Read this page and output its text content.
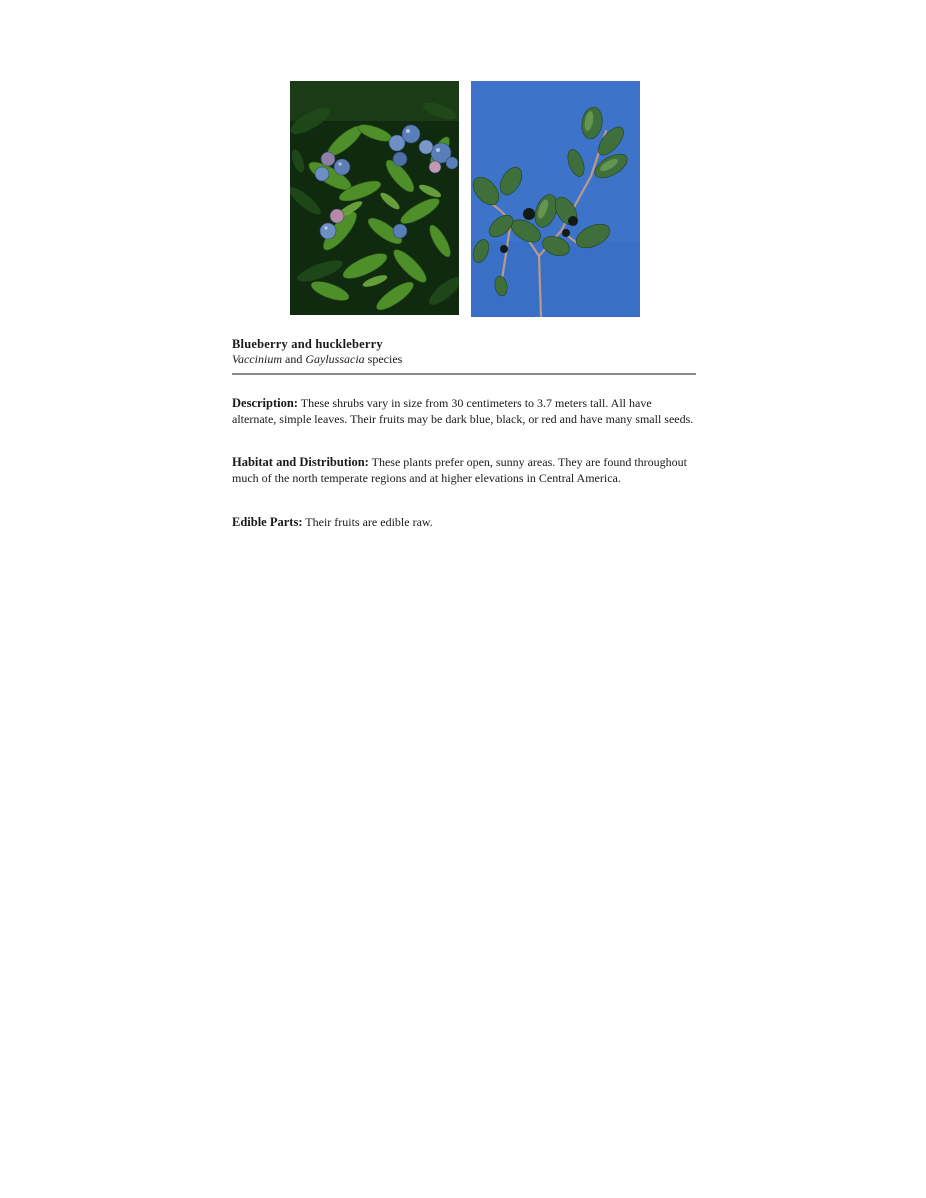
Blueberry and huckleberry
Vaccinium and Gaylussacia species
Description: These shrubs vary in size from 30 centimeters to 3.7 meters tall. All have alternate, simple leaves. Their fruits may be dark blue, black, or red and have many small seeds.
Habitat and Distribution: These plants prefer open, sunny areas. They are found throughout much of the north temperate regions and at higher elevations in Central America.
Edible Parts: Their fruits are edible raw.
